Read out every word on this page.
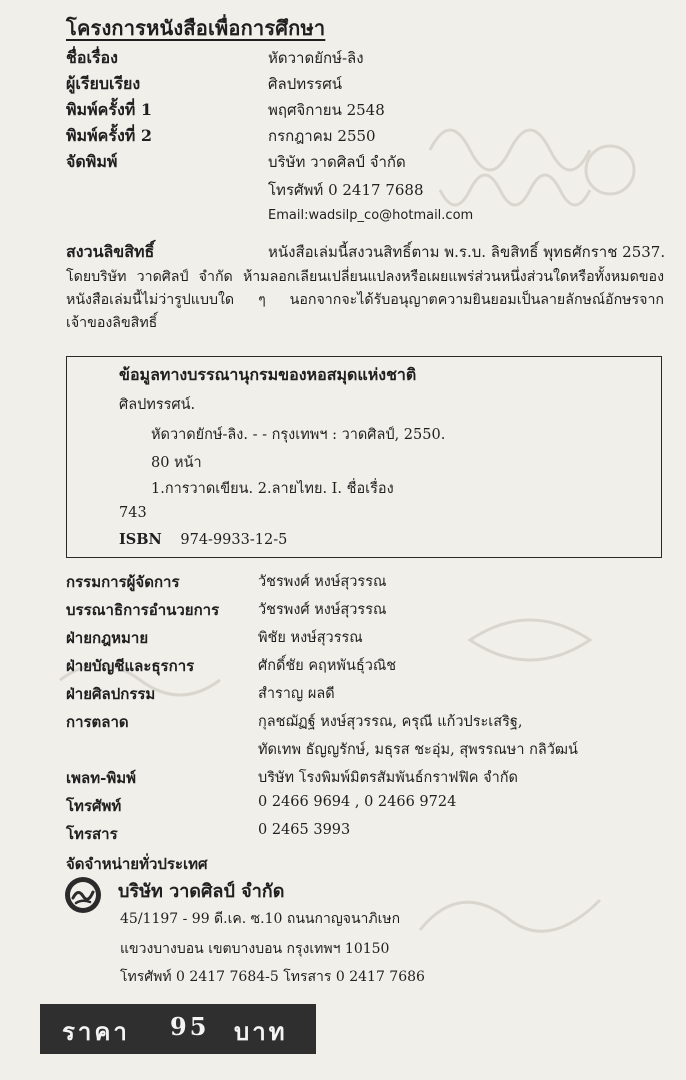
โครงการหนังสือเพื่อการศึกษา
ชื่อเรื่อง	หัดวาดยักษ์-ลิง
ผู้เรียบเรียง	ศิลปทรรศน์
พิมพ์ครั้งที่ 1	พฤศจิกายน 2548
พิมพ์ครั้งที่ 2	กรกฎาคม 2550
จัดพิมพ์	บริษัท วาดศิลป์ จำกัด
โทรศัพท์ 0 2417 7688
Email:wadsilp_co@hotmail.com
สงวนลิขสิทธิ์	หนังสือเล่มนี้สงวนสิทธิ์ตาม พ.ร.บ. ลิขสิทธิ์ พุทธศักราช 2537.
โดยบริษัท วาดศิลป์ จำกัด ห้ามลอกเลียนเปลี่ยนแปลงหรือเผยแพร่ส่วนหนึ่งส่วนใดหรือทั้งหมดของหนังสือเล่มนี้ไม่ว่ารูปแบบใด ๆ นอกจากจะได้รับอนุญาตความยินยอมเป็นลายลักษณ์อักษรจากเจ้าของลิขสิทธิ์
ข้อมูลทางบรรณานุกรมของหอสมุดแห่งชาติ
ศิลปทรรศน์.
หัดวาดยักษ์-ลิง. - - กรุงเทพฯ : วาดศิลป์, 2550.
80 หน้า
1.การวาดเขียน. 2.ลายไทย. I. ชื่อเรื่อง
743
ISBN 974-9933-12-5
กรรมการผู้จัดการ	วัชรพงศ์ หงษ์สุวรรณ
บรรณาธิการอำนวยการ	วัชรพงศ์ หงษ์สุวรรณ
ฝ่ายกฎหมาย	พิชัย หงษ์สุวรรณ
ฝ่ายบัญชีและธุรการ	ศักดิ์ชัย คฤหพันธุ์วณิช
ฝ่ายศิลปกรรม	สำราญ ผลดี
การตลาด	กุลชฌัฏฐ์ หงษ์สุวรรณ, ครุณี แก้วประเสริฐ,
ทัดเทพ ธัญญรักษ์, มธุรส ชะอุ่ม, สุพรรณษา กลิวัฒน์
เพลท-พิมพ์	บริษัท โรงพิมพ์มิตรสัมพันธ์กราฟฟิค จำกัด
โทรศัพท์	0 2466 9694 , 0 2466 9724
โทรสาร	0 2465 3993
จัดจำหน่ายทั่วประเทศ
บริษัท วาดศิลป์ จำกัด
45/1197 - 99 ดี.เค. ซ.10 ถนนกาญจนาภิเษก
แขวงบางบอน เขตบางบอน กรุงเทพฯ 10150
โทรศัพท์ 0 2417 7684-5 โทรสาร 0 2417 7686
ราคา 95 บาท
